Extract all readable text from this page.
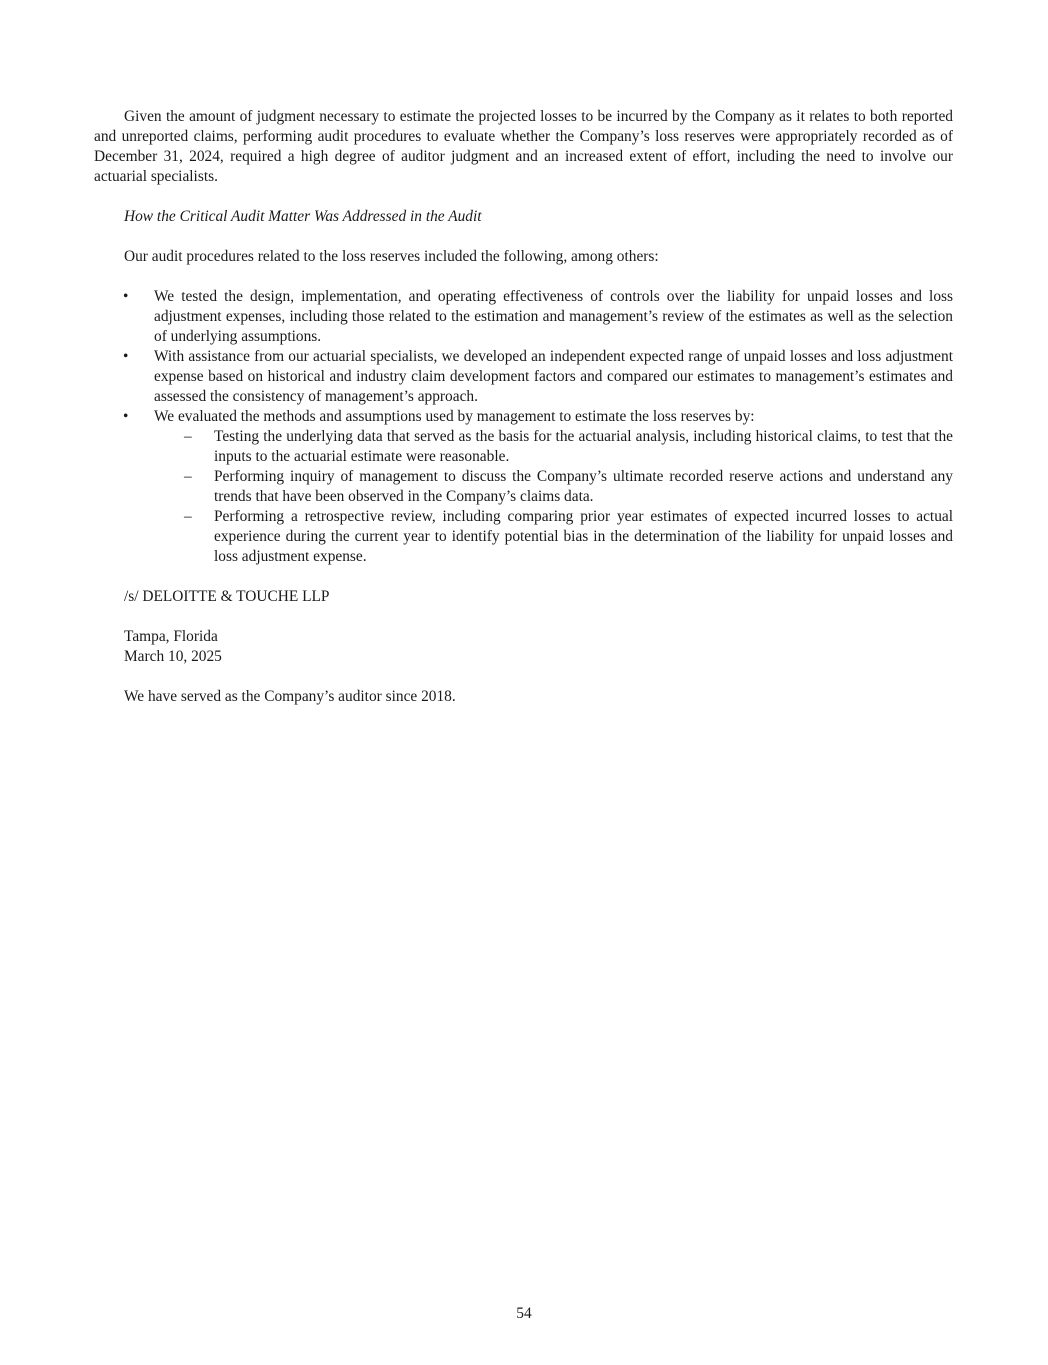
Given the amount of judgment necessary to estimate the projected losses to be incurred by the Company as it relates to both reported and unreported claims, performing audit procedures to evaluate whether the Company’s loss reserves were appropriately recorded as of December 31, 2024, required a high degree of auditor judgment and an increased extent of effort, including the need to involve our actuarial specialists.

How the Critical Audit Matter Was Addressed in the Audit

Our audit procedures related to the loss reserves included the following, among others:

• We tested the design, implementation, and operating effectiveness of controls over the liability for unpaid losses and loss adjustment expenses, including those related to the estimation and management’s review of the estimates as well as the selection of underlying assumptions.
• With assistance from our actuarial specialists, we developed an independent expected range of unpaid losses and loss adjustment expense based on historical and industry claim development factors and compared our estimates to management’s estimates and assessed the consistency of management’s approach.
• We evaluated the methods and assumptions used by management to estimate the loss reserves by:
– Testing the underlying data that served as the basis for the actuarial analysis, including historical claims, to test that the inputs to the actuarial estimate were reasonable.
– Performing inquiry of management to discuss the Company’s ultimate recorded reserve actions and understand any trends that have been observed in the Company’s claims data.
– Performing a retrospective review, including comparing prior year estimates of expected incurred losses to actual experience during the current year to identify potential bias in the determination of the liability for unpaid losses and loss adjustment expense.

/s/ DELOITTE & TOUCHE LLP

Tampa, Florida
March 10, 2025

We have served as the Company’s auditor since 2018.

54
